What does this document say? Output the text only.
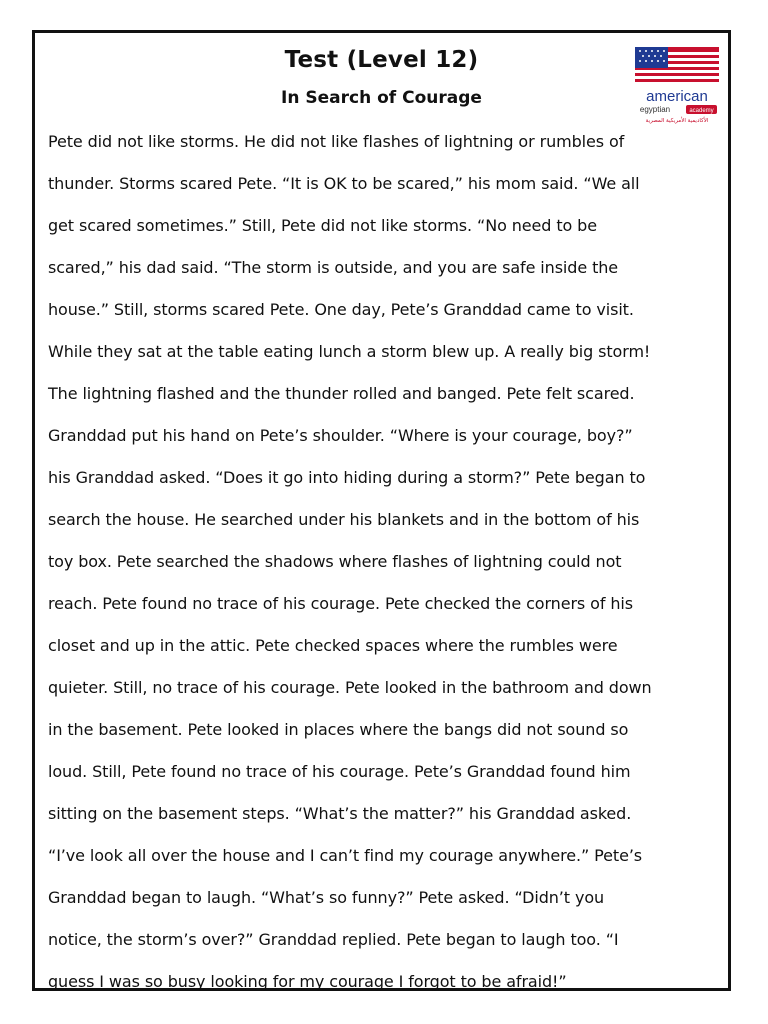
Test (Level 12)
In Search of Courage	american
egyptian	academy
الأكاديمية الأمريكية المصرية
Pete did not like storms. He did not like flashes of lightning or rumbles of
thunder. Storms scared Pete. “It is OK to be scared,” his mom said. “We all
get scared sometimes.” Still, Pete did not like storms. “No need to be
scared,” his dad said. “The storm is outside, and you are safe inside the
house.” Still, storms scared Pete. One day, Pete’s Granddad came to visit.
While they sat at the table eating lunch a storm blew up. A really big storm!
The lightning flashed and the thunder rolled and banged. Pete felt scared.
Granddad put his hand on Pete’s shoulder. “Where is your courage, boy?”
his Granddad asked. “Does it go into hiding during a storm?” Pete began to
search the house. He searched under his blankets and in the bottom of his
toy box. Pete searched the shadows where flashes of lightning could not
reach. Pete found no trace of his courage. Pete checked the corners of his
closet and up in the attic. Pete checked spaces where the rumbles were
quieter. Still, no trace of his courage. Pete looked in the bathroom and down
in the basement. Pete looked in places where the bangs did not sound so
loud. Still, Pete found no trace of his courage. Pete’s Granddad found him
sitting on the basement steps. “What’s the matter?” his Granddad asked.
“I’ve look all over the house and I can’t find my courage anywhere.” Pete’s
Granddad began to laugh. “What’s so funny?” Pete asked. “Didn’t you
notice, the storm’s over?” Granddad replied. Pete began to laugh too. “I
guess I was so busy looking for my courage I forgot to be afraid!”
